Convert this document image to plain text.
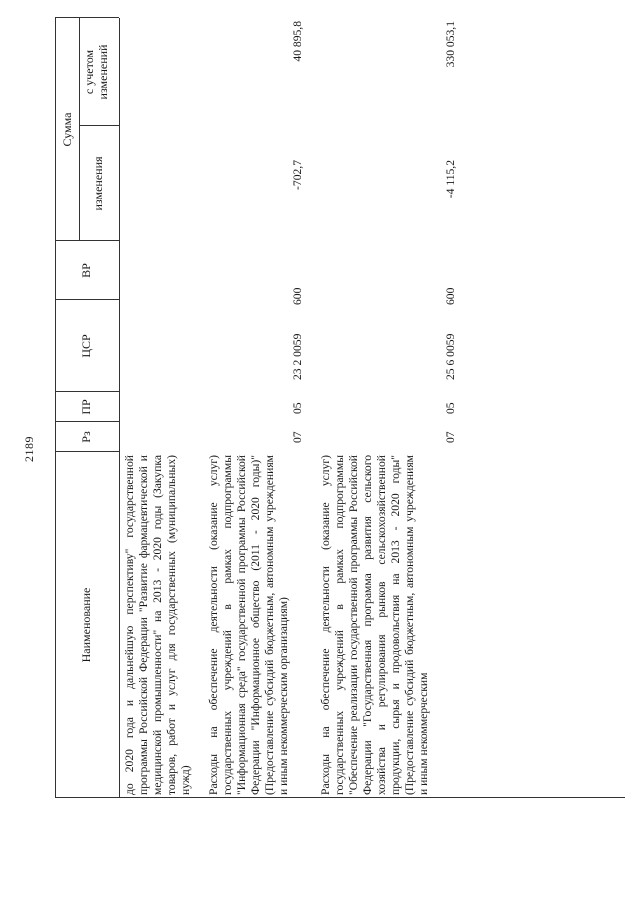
2189
Наименование
Рз
ПР
ЦСР
ВР
Сумма
изменения
с учетом изменений
до 2020 года и дальнейшую перспективу" государственной программы Российской Федерации "Развитие фармацевтической и медицинской промышленности" на 2013 - 2020 годы (Закупка товаров, работ и услуг для государственных (муниципальных) нужд) Расходы на обеспечение деятельности (оказание услуг) государственных учреждений в рамках подпрограммы "Информационная среда" государственной программы Российской Федерации "Информационное общество (2011 - 2020 годы)" (Предоставление субсидий бюджетным, автономным учреждениям и иным некоммерческим организациям)
07
05
23 2 0059
600
-702,7
40 895,8
Расходы на обеспечение деятельности (оказание услуг) государственных учреждений в рамках подпрограммы "Обеспечение реализации государственной программы Российской Федерации "Государственная программа развития сельского хозяйства и регулирования рынков сельскохозяйственной продукции, сырья и продовольствия на 2013 - 2020 годы" (Предоставление субсидий бюджетным, автономным учреждениям и иным некоммерческим
07
05
25 6 0059
600
-4 115,2
330 053,1
